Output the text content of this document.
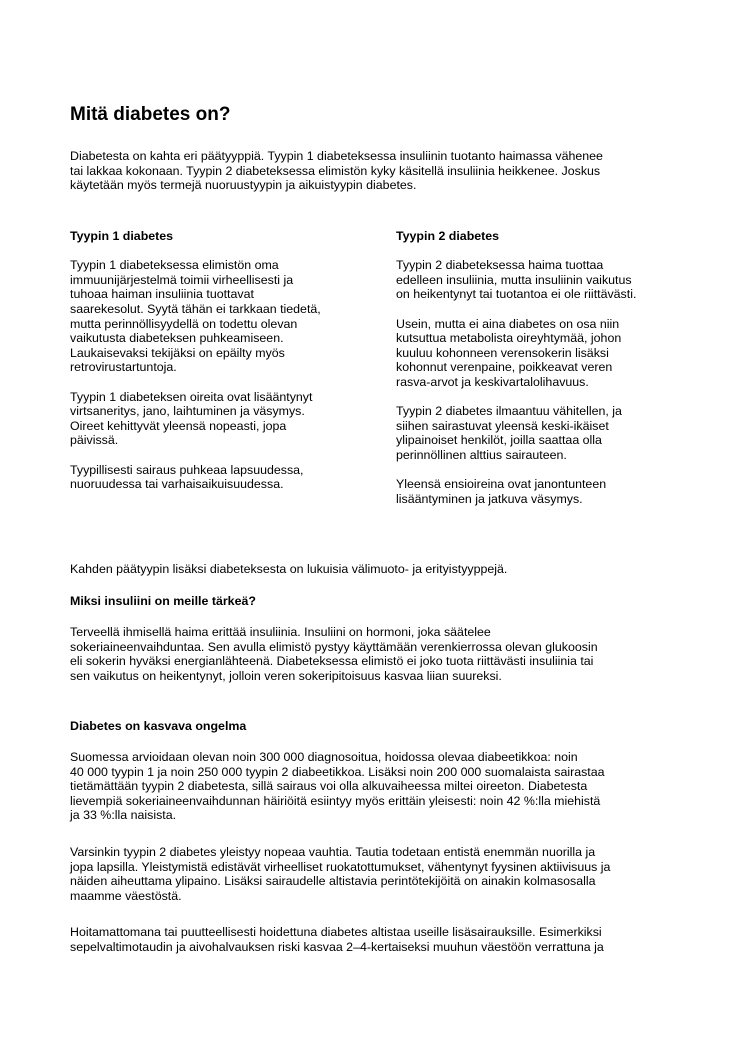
Mitä diabetes on?
Diabetesta on kahta eri päätyyppiä. Tyypin 1 diabeteksessa insuliinin tuotanto haimassa vähenee
tai lakkaa kokonaan. Tyypin 2 diabeteksessa elimistön kyky käsitellä insuliinia heikkenee. Joskus
käytetään myös termejä nuoruustyypin ja aikuistyypin diabetes.
Tyypin 1 diabetes
Tyypin 1 diabeteksessa elimistön oma
immuunijärjestelmä toimii virheellisesti ja
tuhoaa haiman insuliinia tuottavat
saarekesolut. Syytä tähän ei tarkkaan tiedetä,
mutta perinnöllisyydellä on todettu olevan
vaikutusta diabeteksen puhkeamiseen.
Laukaisevaksi tekijäksi on epäilty myös
retrovirustartuntoja.
Tyypin 1 diabeteksen oireita ovat lisääntynyt
virtsaneritys, jano, laihtuminen ja väsymys.
Oireet kehittyvät yleensä nopeasti, jopa
päivissä.
Tyypillisesti sairaus puhkeaa lapsuudessa,
nuoruudessa tai varhaisaikuisuudessa.
Tyypin 2 diabetes
Tyypin 2 diabeteksessa haima tuottaa
edelleen insuliinia, mutta insuliinin vaikutus
on heikentynyt tai tuotantoa ei ole riittävästi.
Usein, mutta ei aina diabetes on osa niin
kutsuttua metabolista oireyhtymää, johon
kuuluu kohonneen verensokerin lisäksi
kohonnut verenpaine, poikkeavat veren
rasva-arvot ja keskivartalolihavuus.
Tyypin 2 diabetes ilmaantuu vähitellen, ja
siihen sairastuvat yleensä keski-ikäiset
ylipainoiset henkilöt, joilla saattaa olla
perinnöllinen alttius sairauteen.
Yleensä ensioireina ovat janontunteen
lisääntyminen ja jatkuva väsymys.

Kahden päätyypin lisäksi diabeteksesta on lukuisia välimuoto- ja erityistyyppejä.

Miksi insuliini on meille tärkeä?
Terveellä ihmisellä haima erittää insuliinia. Insuliini on hormoni, joka säätelee
sokeriaineenvaihduntaa. Sen avulla elimistö pystyy käyttämään verenkierrossa olevan glukoosin
eli sokerin hyväksi energianlähteenä. Diabeteksessa elimistö ei joko tuota riittävästi insuliinia tai
sen vaikutus on heikentynyt, jolloin veren sokeripitoisuus kasvaa liian suureksi.
Diabetes on kasvava ongelma
Suomessa arvioidaan olevan noin 300 000 diagnosoitua, hoidossa olevaa diabeetikkoa: noin
40 000 tyypin 1 ja noin 250 000 tyypin 2 diabeetikkoa. Lisäksi noin 200 000 suomalaista sairastaa
tietämättään tyypin 2 diabetesta, sillä sairaus voi olla alkuvaiheessa miltei oireeton. Diabetesta
lievempiä sokeriaineenvaihdunnan häiriöitä esiintyy myös erittäin yleisesti: noin 42 %:lla miehistä
ja 33 %:lla naisista.
Varsinkin tyypin 2 diabetes yleistyy nopeaa vauhtia. Tautia todetaan entistä enemmän nuorilla ja
jopa lapsilla. Yleistymistä edistävät virheelliset ruokatottumukset, vähentynyt fyysinen aktiivisuus ja
näiden aiheuttama ylipaino. Lisäksi sairaudelle altistavia perintötekijöitä on ainakin kolmasosalla
maamme väestöstä.
Hoitamattomana tai puutteellisesti hoidettuna diabetes altistaa useille lisäsairauksille. Esimerkiksi
sepelvaltimotaudin ja aivohalvauksen riski kasvaa 2–4-kertaiseksi muuhun väestöön verrattuna ja
